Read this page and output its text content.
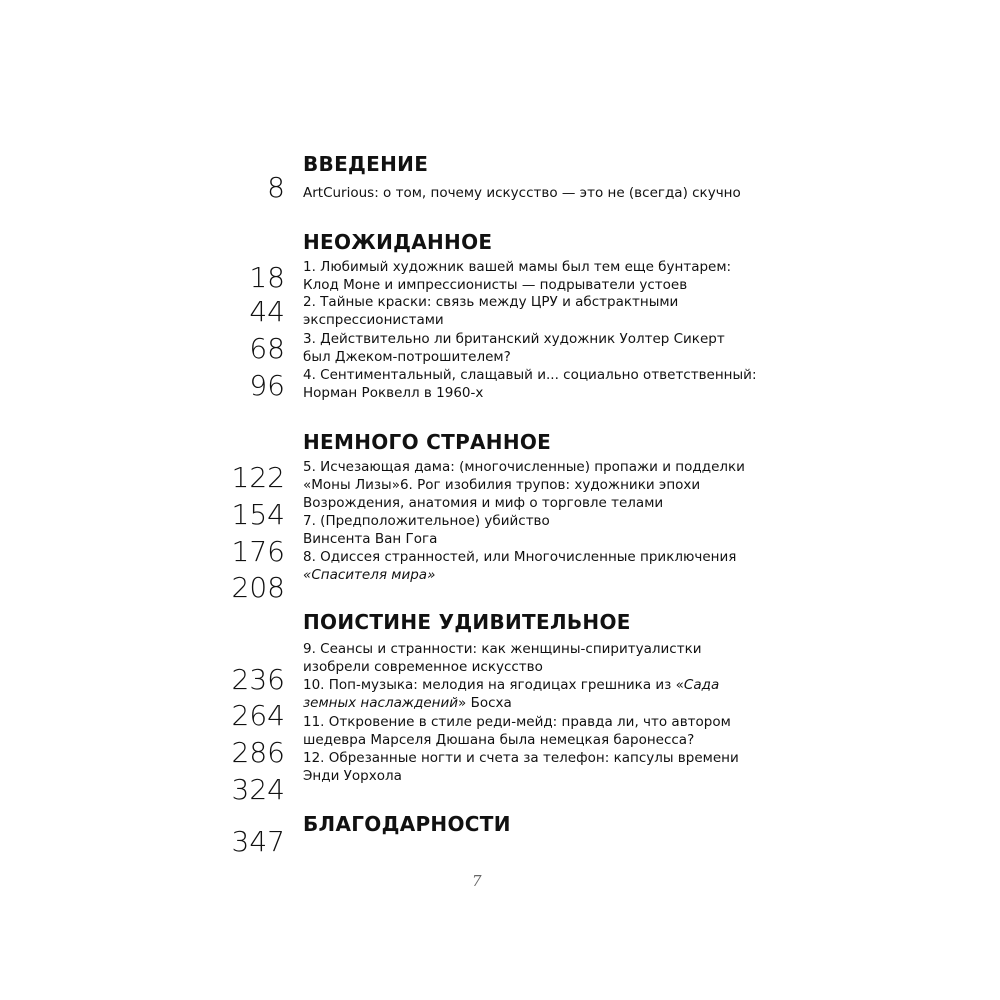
ВВЕДЕНИЕ
НЕОЖИДАННОЕ
НЕМНОГО СТРАННОЕ
ПОИСТИНЕ УДИВИТЕЛЬНОЕ
БЛАГОДАРНОСТИ
8
18
44
68
96
122
154
176
208
236
264
286
324
347
ArtCurious: о том, почему искусство — это не (всегда) скучно
1. Любимый художник вашей мамы был тем еще бунтарем:
Клод Моне и импрессионисты — подрыватели устоев
2. Тайные краски: связь между ЦРУ и абстрактными
экспрессионистами
3. Действительно ли британский художник Уолтер Сикерт
был Джеком-потрошителем?
4. Сентиментальный, слащавый и... социально ответственный:
Норман Роквелл в 1960-х
5. Исчезающая дама: (многочисленные) пропажи и подделки
«Моны Лизы»6. Рог изобилия трупов: художники эпохи
Возрождения, анатомия и миф о торговле телами
7. (Предположительное) убийство
Винсента Ван Гога
8. Одиссея странностей, или Многочисленные приключения
«Спасителя мира»
9. Сеансы и странности: как женщины-спиритуалистки
изобрели современное искусство
10. Поп-музыка: мелодия на ягодицах грешника из «Сада
земных наслаждений» Босха
11. Откровение в стиле реди-мейд: правда ли, что автором
шедевра Марселя Дюшана была немецкая баронесса?
12. Обрезанные ногти и счета за телефон: капсулы времени
Энди Уорхола
7
